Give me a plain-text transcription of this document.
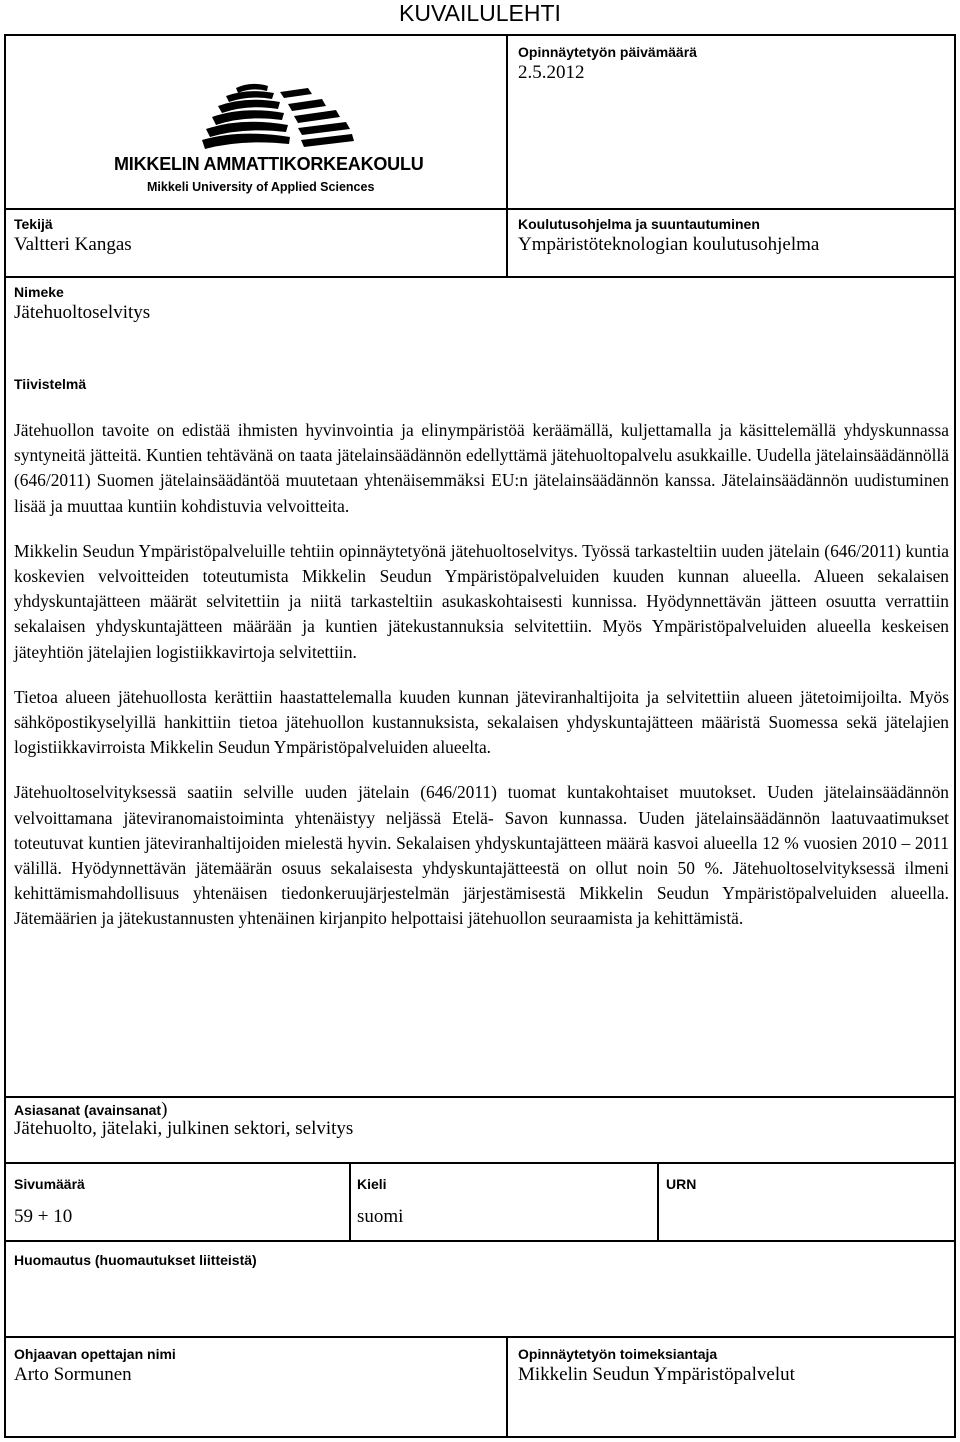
KUVAILULEHTI
MIKKELIN AMMATTIKORKEAKOULU
Mikkeli University of Applied Sciences
Opinnäytetyön päivämäärä
2.5.2012
Tekijä
Valtteri Kangas
Koulutusohjelma ja suuntautuminen
Ympäristöteknologian koulutusohjelma
Nimeke
Jätehuoltoselvitys
Tiivistelmä

Jätehuollon tavoite on edistää ihmisten hyvinvointia ja elinympäristöä keräämällä, kuljettamalla ja käsittelemällä yhdyskunnassa syntyneitä jätteitä. Kuntien tehtävänä on taata jätelainsäädännön edellyttämä jätehuoltopalvelu asukkaille. Uudella jätelainsäädännöllä (646/2011) Suomen jätelainsäädäntöä muutetaan yhtenäisemmäksi EU:n jätelainsäädännön kanssa. Jätelainsäädännön uudistuminen lisää ja muuttaa kuntiin kohdistuvia velvoitteita.

Mikkelin Seudun Ympäristöpalveluille tehtiin opinnäytetyönä jätehuoltoselvitys. Työssä tarkasteltiin uuden jätelain (646/2011) kuntia koskevien velvoitteiden toteutumista Mikkelin Seudun Ympäristöpalveluiden kuuden kunnan alueella. Alueen sekalaisen yhdyskuntajätteen määrät selvitettiin ja niitä tarkasteltiin asukaskohtaisesti kunnissa. Hyödynnettävän jätteen osuutta verrattiin sekalaisen yhdyskuntajätteen määrään ja kuntien jätekustannuksia selvitettiin. Myös Ympäristöpalveluiden alueella keskeisen jäteyhtiön jätelajien logistiikkavirtoja selvitettiin.

Tietoa alueen jätehuollosta kerättiin haastattelemalla kuuden kunnan jäteviranhaltijoita ja selvitettiin alueen jätetoimijoilta. Myös sähköpostikyselyillä hankittiin tietoa jätehuollon kustannuksista, sekalaisen yhdyskuntajätteen määristä Suomessa sekä jätelajien logistiikkavirroista Mikkelin Seudun Ympäristöpalveluiden alueelta.

Jätehuoltoselvityksessä saatiin selville uuden jätelain (646/2011) tuomat kuntakohtaiset muutokset. Uuden jätelainsäädännön velvoittamana jäteviranomaistoiminta yhtenäistyy neljässä Etelä- Savon kunnassa. Uuden jätelainsäädännön laatuvaatimukset toteutuvat kuntien jäteviranhaltijoiden mielestä hyvin. Sekalaisen yhdyskuntajätteen määrä kasvoi alueella 12 % vuosien 2010 – 2011 välillä. Hyödynnettävän jätemäärän osuus sekalaisesta yhdyskuntajätteestä on ollut noin 50 %. Jätehuoltoselvityksessä ilmeni kehittämismahdollisuus yhtenäisen tiedonkeruujärjestelmän järjestämisestä Mikkelin Seudun Ympäristöpalveluiden alueella. Jätemäärien ja jätekustannusten yhtenäinen kirjanpito helpottaisi jätehuollon seuraamista ja kehittämistä.

Asiasanat (avainsanat)
Jätehuolto, jätelaki, julkinen sektori, selvitys
Sivumäärä
59 + 10
Kieli
suomi
URN
Huomautus (huomautukset liitteistä)
Ohjaavan opettajan nimi
Arto Sormunen
Opinnäytetyön toimeksiantaja
Mikkelin Seudun Ympäristöpalvelut
